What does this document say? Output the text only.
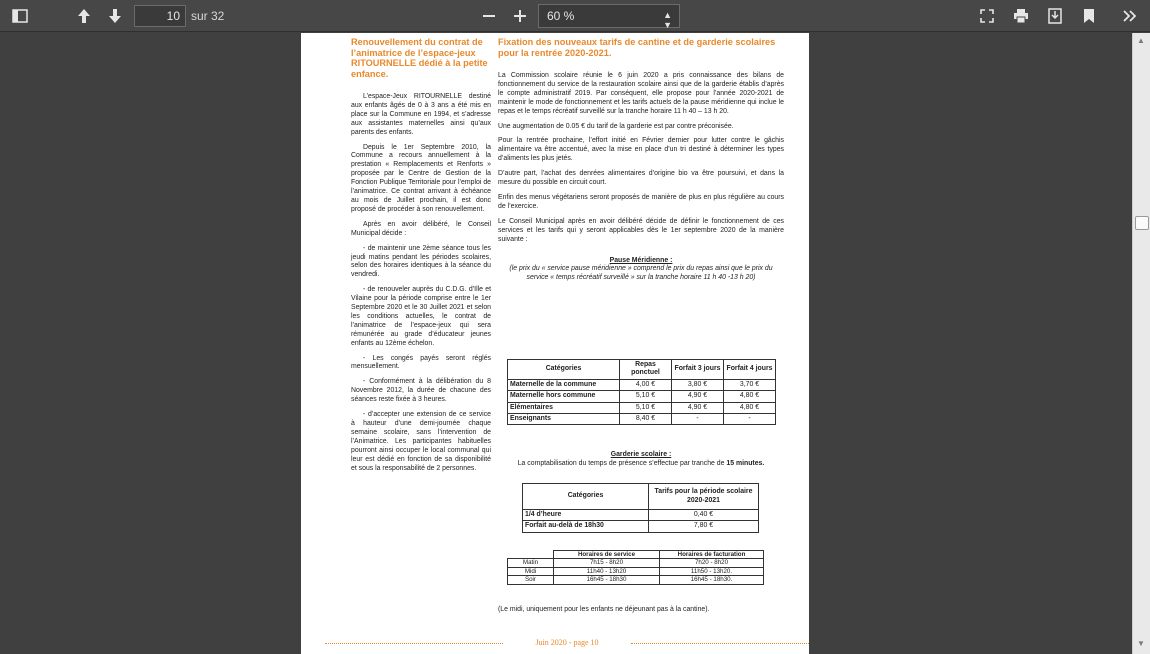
10
sur 32	60 %	▲
▼
Renouvellement du contrat de l’animatrice de l’espace-jeux RITOURNELLE dédié à la petite enfance.

L’espace-Jeux RITOURNELLE destiné aux enfants âgés de 0 à 3 ans a été mis en place sur la Commune en 1994, et s’adresse aux assistantes maternelles ainsi qu’aux parents des enfants.

Depuis le 1er Septembre 2010, la Commune a recours annuellement à la prestation « Remplacements et Renforts » proposée par le Centre de Gestion de la Fonction Publique Territoriale pour l’emploi de l’animatrice. Ce contrat arrivant à échéance au mois de Juillet prochain, il est donc proposé de procéder à son renouvellement.

Après en avoir délibéré, le Conseil Municipal décide :

- de maintenir une 2ème séance tous les jeudi matins pendant les périodes scolaires, selon des horaires identiques à la séance du vendredi.

- de renouveler auprès du C.D.G. d’Ille et Vilaine pour la période comprise entre le 1er Septembre 2020 et le 30 Juillet 2021 et selon les conditions actuelles, le contrat de l’animatrice de l’espace-jeux qui sera rémunérée au grade d’éducateur jeunes enfants au 12ème échelon.

- Les congés payés seront réglés mensuellement.

- Conformément à la délibération du 8 Novembre 2012, la durée de chacune des séances reste fixée à 3 heures.

- d’accepter une extension de ce service à hauteur d’une demi-journée chaque semaine scolaire, sans l’intervention de l’Animatrice. Les participantes habituelles pourront ainsi occuper le local communal qui leur est dédié en fonction de sa disponibilité et sous la responsabilité de 2 personnes.

Fixation des nouveaux tarifs de cantine et de garderie scolaires pour la rentrée 2020-2021.

La Commission scolaire réunie le 6 juin 2020 a pris connaissance des bilans de fonctionnement du service de la restauration scolaire ainsi que de la garderie établis d’après le compte administratif 2019. Par conséquent, elle propose pour l’année 2020-2021 de maintenir le mode de fonctionnement et les tarifs actuels de la pause méridienne qui inclue le repas et le temps récréatif surveillé sur la tranche horaire 11 h 40 – 13 h 20.

Une augmentation de 0.05 € du tarif de la garderie est par contre préconisée.

Pour la rentrée prochaine, l’effort initié en Février dernier pour lutter contre le gâchis alimentaire va être accentué, avec la mise en place d’un tri destiné à déterminer les types d’aliments les plus jetés.

D’autre part, l’achat des denrées alimentaires d’origine bio va être poursuivi, et dans la mesure du possible en circuit court.

Enfin des menus végétariens seront proposés de manière de plus en plus régulière au cours de l’exercice.

Le Conseil Municipal après en avoir délibéré décide de définir le fonctionnement de ces services et les tarifs qui y seront applicables dès le 1er septembre 2020 de la manière suivante :

Pause Méridienne :
(le prix du « service pause méridienne » comprend le prix du repas ainsi que le prix du service « temps récréatif surveillé » sur la tranche horaire 11 h 40 -13 h 20)
Catégories	Repas ponctuel	Forfait 3 jours	Forfait 4 jours
Maternelle de la commune	4,00 €	3,80 €	3,70 €
Maternelle hors commune	5,10 €	4,90 €	4,80 €
Elémentaires	5,10 €	4,90 €	4,80 €
Enseignants	8,40 €	-	-
Garderie scolaire :
La comptabilisation du temps de présence s’effectue par tranche de 15 minutes.
Catégories	Tarifs pour la période scolaire 2020-2021
1/4 d’heure	0,40 €
Forfait au-delà de 18h30	7,80 €
	Horaires de service	Horaires de facturation
Matin	7h15 - 8h20	7h20 - 8h20
Midi	11h40 - 13h20	11h50 - 13h20.
Soir	16h45 - 18h30	16h45 - 18h30.
(Le midi, uniquement pour les enfants ne déjeunant pas à la cantine).
Juin 2020 - page 10
▲
▼
